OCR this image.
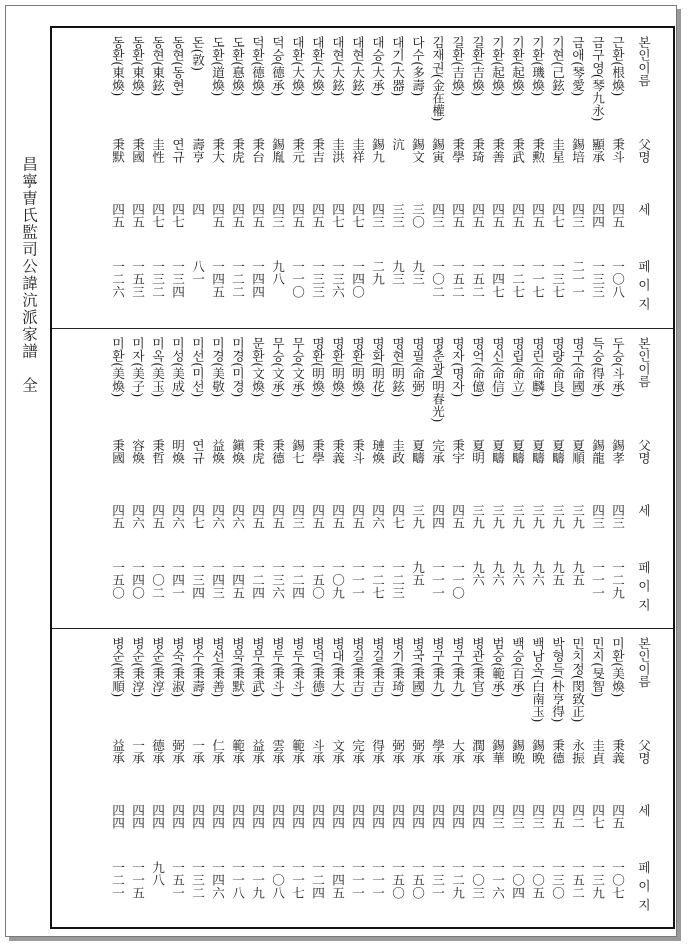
昌寧曺氏監司公諱沆派家譜　全
본인이름
父명
세
페이지
근환(根煥)
秉斗
四五
一〇八
금구영(琴九永)
顯承
四四
一三三
금애(琴愛)
錫培
四三
二一一
기현(己鉉)
圭星
四七
一三七
기환(璣煥)
秉勲
四五
一一七
기환(起煥)
秉武
四五
一二七
기환(起煥)
秉善
四五
一四七
길환(吉煥)
秉琦
四五
一五二
길환(吉煥)
秉學
四五
一五二
김재권(金在權)
錫寅
四三
一〇二
다수(多壽)
錫文
三〇
九三
대기(大器)
沆
三三
九三
대승(大承)
錫九
四三
二九
대현(大鉉)
圭祥
四七
一四〇
대현(大鉉)
圭洪
四七
一三六
대환(大煥)
秉吉
四五
一三三
대환(大煥)
秉元
四五
一一〇
덕승(德承)
錫胤
四三
九八
덕환(德煥)
秉台
四五
一四四
도환(惪煥)
秉虎
四五
一二二
도환(道煥)
秉大
四五
一四五
돈(敦)
壽亨
四
八一
동현(동현)
연규
四七
一三四
동현(東鉉)
圭性
四七
一三二
동환(東煥)
秉國
四五
一五三
동환(東煥)
秉默
四五
一二六
본인이름
父명
세
페이지
두승(斗承)
錫孝
四三
一二九
득승(得承)
錫龍
四三
一一一
명구(命國)
夏順
三九
九五
명량(命良)
夏疇
三九
九五
명린(命麟)
夏疇
三九
九六
명립(命立)
夏疇
三九
九六
명신(命信)
夏疇
三九
九六
명억(命億)
夏明
三九
九六
명자(명자)
秉宇
四五
一一〇
명춘광(明春光)
完承
四四
一一一
명필(命弼)
夏疇
三九
九五
명현(明鉉)
圭政
四七
一二三
명화(明花)
璉煥
四六
一二七
명환(明煥)
秉斗
四五
一一一
명환(明煥)
秉義
四五
一〇九
명환(明煥)
秉學
四五
一五〇
무승(文承)
錫七
四三
一二四
무승(文承)
秉德
四五
一三六
문환(文煥)
秉虎
四五
一二四
미경(미경)
鎭煥
四六
一四五
미경(美敬)
益煥
四六
一四三
미선(미선)
연규
四七
一三四
미성(美成)
明煥
四六
一四一
미옥(美玉)
秉哲
四五
一〇二
미자(美子)
容煥
四六
一四〇
미환(美煥)
秉國
四五
一五〇
본인이름
父명
세
페이지
미환(美煥)
秉義
四五
一〇七
민지(旻智)
圭貞
四七
一三九
민치정(閔致正)
永振
四二
一五二
박형득(朴亨得)
秉德
四五
一三〇
백남옥(白南玉)
錫晩
四三
一〇五
백승(百承)
錫晩
四三
一〇四
범승(範承)
錫華
四三
一一六
병관(秉官)
潤承
四四
一〇三
병구(秉九)
大承
四四
一二九
병구(秉九)
學承
四四
一三一
병국(秉國)
弼承
四四
一五〇
병기(秉琦)
弼承
四四
一五〇
병길(秉吉)
得承
四四
一一一
병길(秉吉)
完承
四四
一一一
병대(秉大)
文承
四四
一四五
병덕(秉德)
斗承
四四
一二四
병두(秉斗)
範承
四四
一一七
병두(秉斗)
雲承
四四
一〇八
병무(秉武)
益承
四四
一一九
병묵(秉默)
範承
四四
一一八
병선(秉善)
仁承
四四
一四六
병수(秉壽)
一承
四四
一三二
병숙(秉淑)
弼承
四四
一五一
병순(秉淳)
德承
四四
九八
병순(秉淳)
一承
四四
一一五
병순(秉順)
益承
四四
一二一
